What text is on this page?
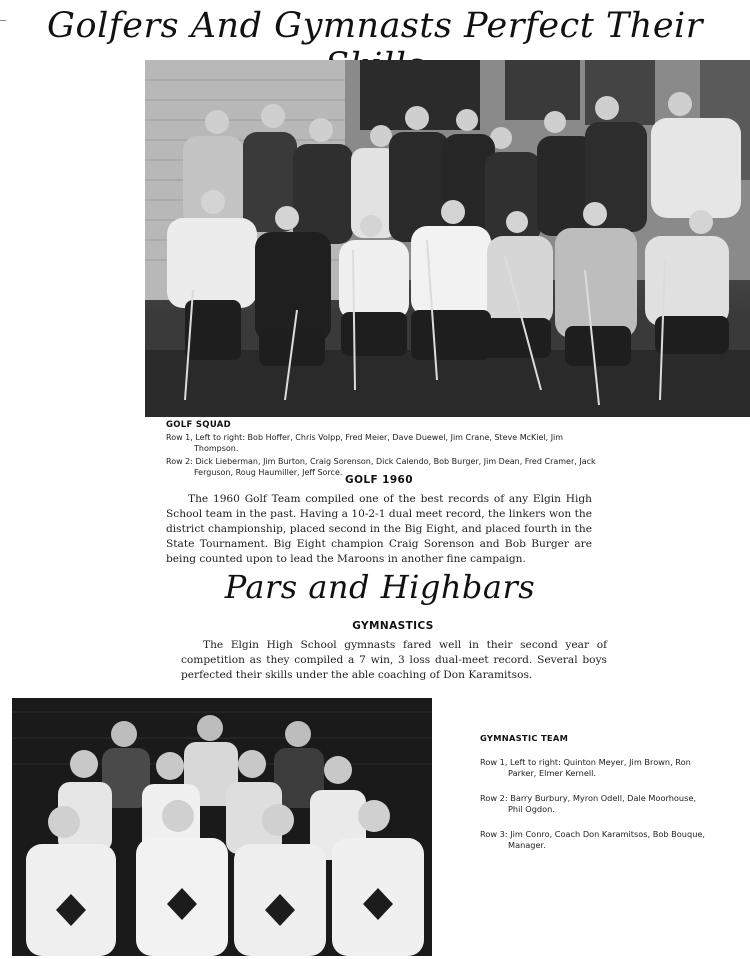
Golfers And Gymnasts Perfect Their
GOLF SQUAD
Row 1, Left to right: Bob Hoffer, Chris Volpp, Fred Meier, Dave Duewel, Jim Crane, Steve McKiel, Jim Thompson.
Row 2: Dick Lieberman, Jim Burton, Craig Sorenson, Dick Calendo, Bob Burger, Jim Dean, Fred Cramer, Jack Ferguson, Roug Haumiller, Jeff Sorce.
GOLF 1960
The 1960 Golf Team compiled one of the best records of any Elgin High School team in the past. Having a 10-2-1 dual meet record, the linkers won the district championship, placed second in the Big Eight, and placed fourth in the State Tournament. Big Eight champion Craig Sorenson and Bob Burger are being counted upon to lead the Maroons in another fine campaign.
Pars and Highbars
GYMNASTICS
The Elgin High School gymnasts fared well in their second year of competition as they compiled a 7 win, 3 loss dual-meet record. Several boys perfected their skills under the able coaching of Don Karamitsos.
GYMNASTIC TEAM
Row 1, Left to right: Quinton Meyer, Jim Brown, Ron Parker, Elmer Kernell.
Row 2: Barry Burbury, Myron Odell, Dale Moorhouse, Phil Ogdon.
Row 3: Jim Conro, Coach Don Karamitsos, Bob Bouque, Manager.
